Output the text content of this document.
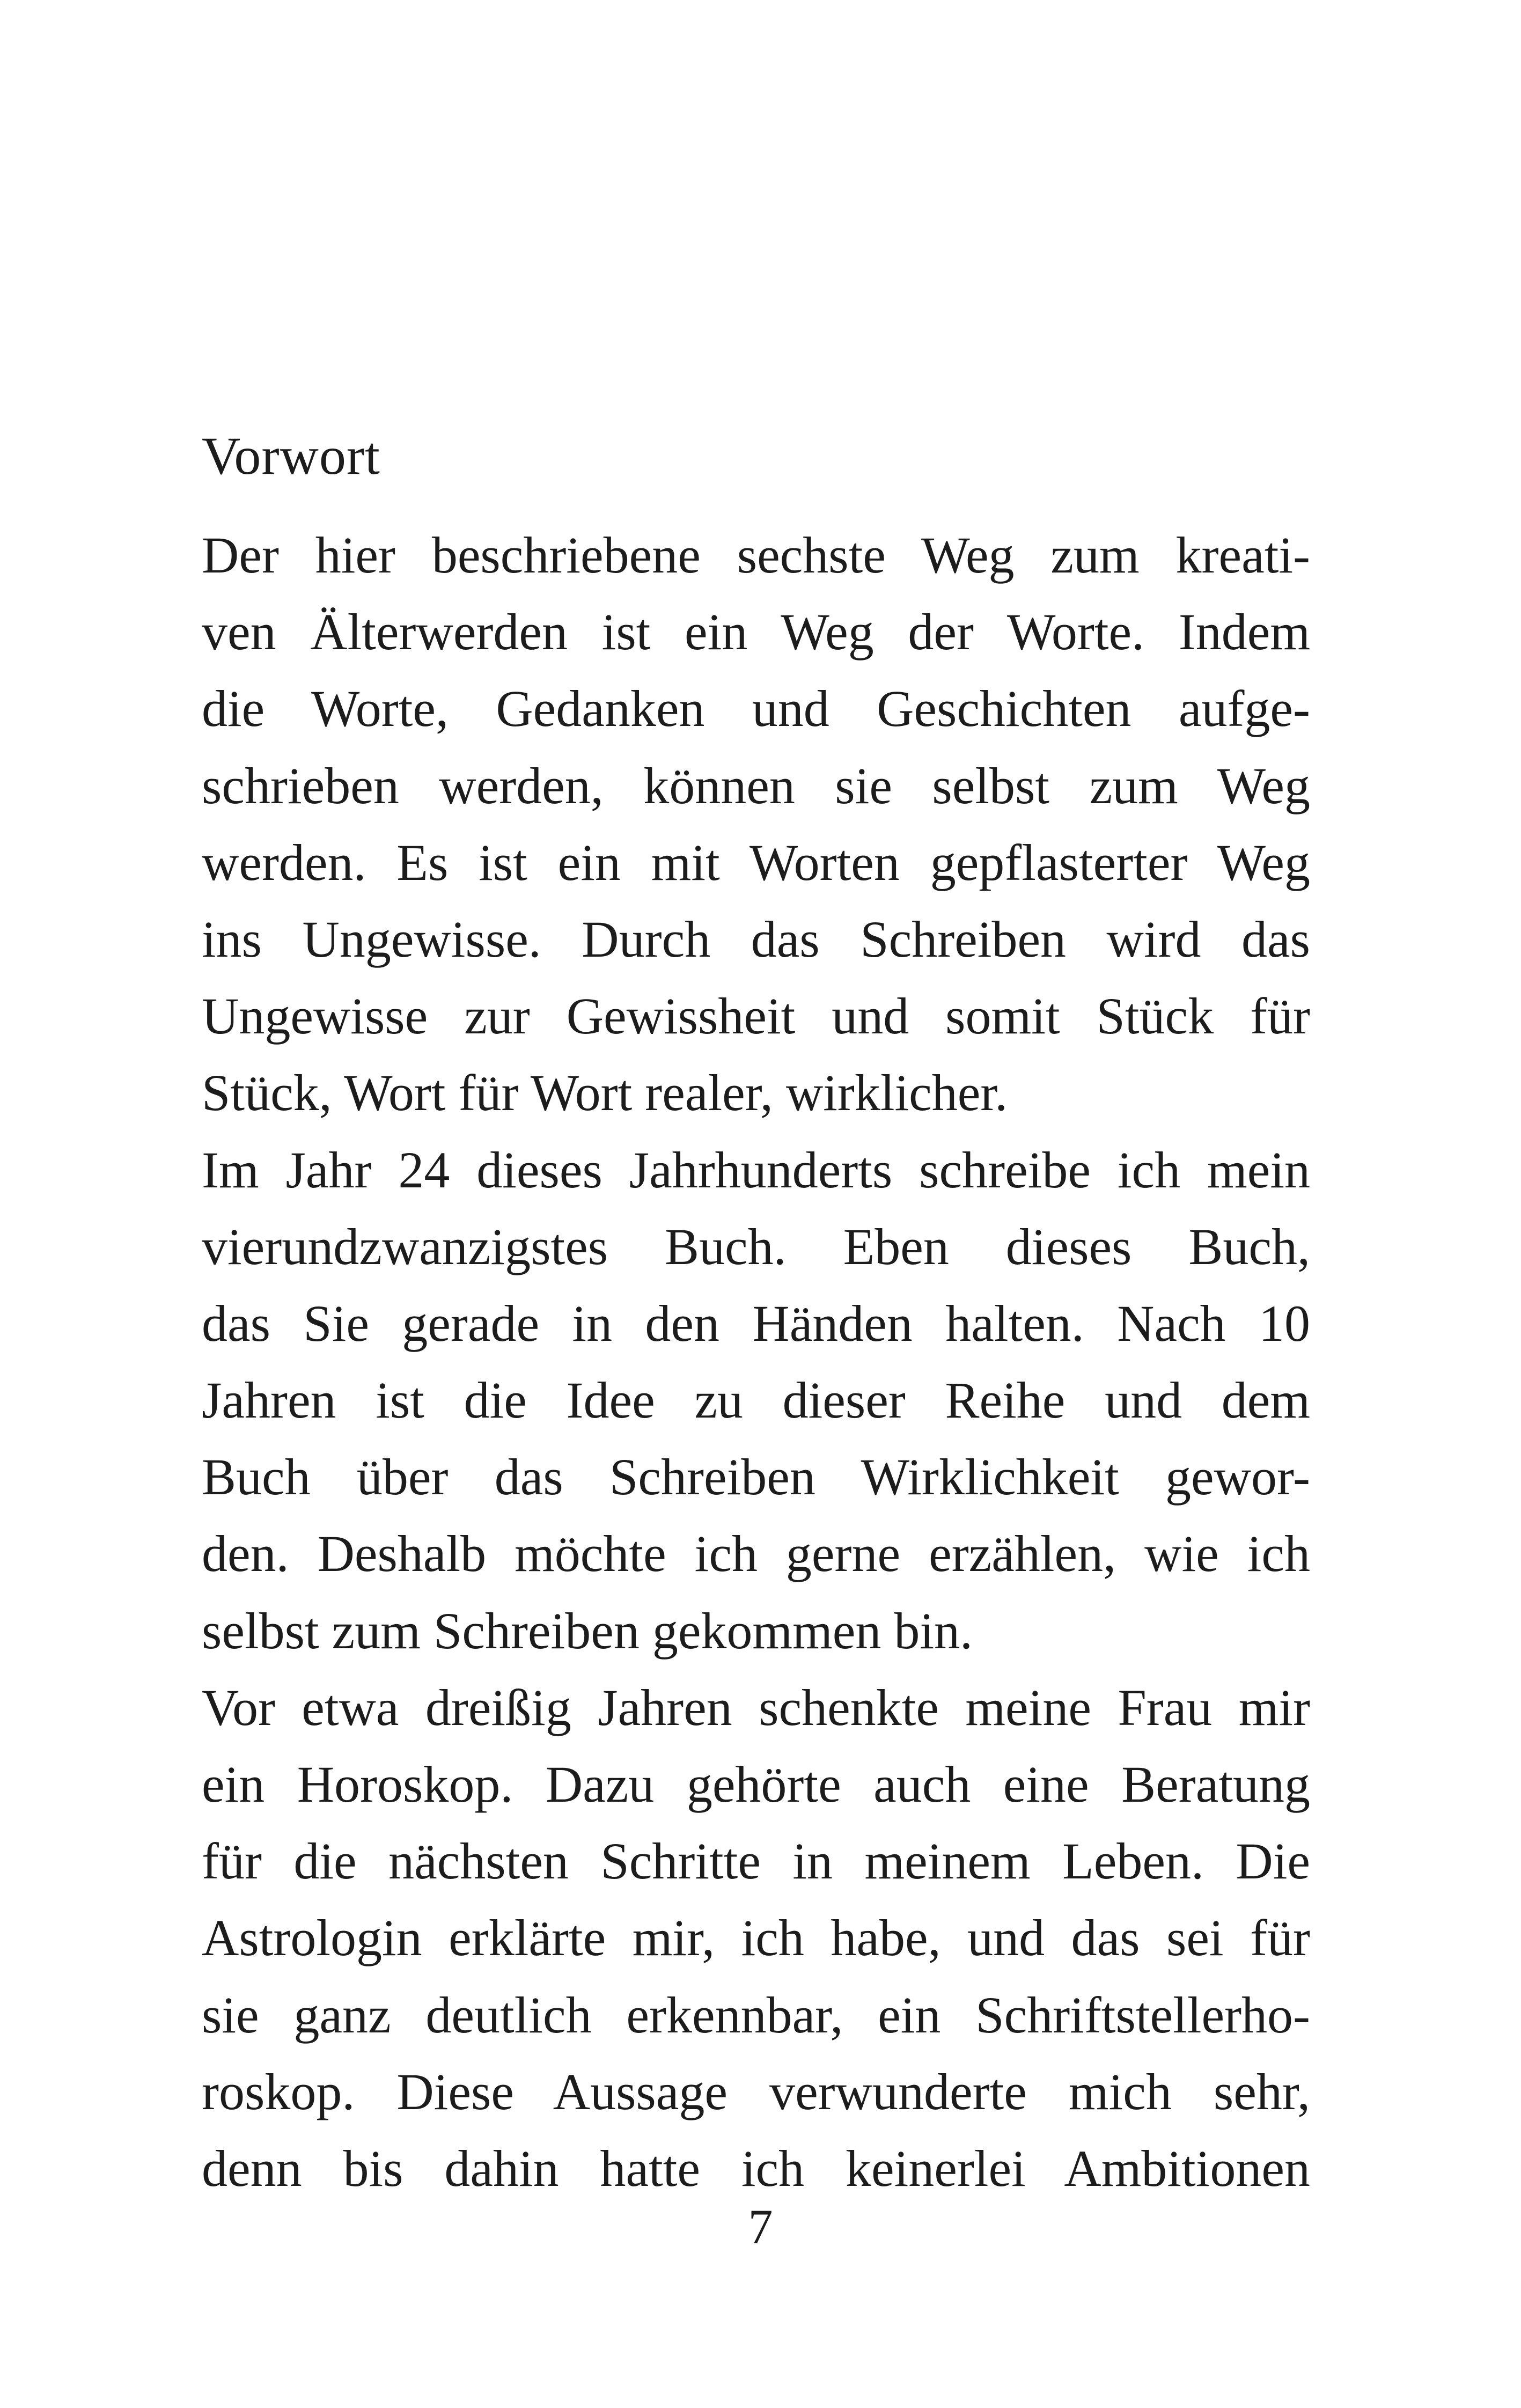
Vorwort
Der hier beschriebene sechste Weg zum kreati-
ven Älterwerden ist ein Weg der Worte. Indem
die Worte, Gedanken und Geschichten aufge-
schrieben werden, können sie selbst zum Weg
werden. Es ist ein mit Worten gepflasterter Weg
ins Ungewisse. Durch das Schreiben wird das
Ungewisse zur Gewissheit und somit Stück für
Stück, Wort für Wort realer, wirklicher.
Im Jahr 24 dieses Jahrhunderts schreibe ich mein
vierundzwanzigstes Buch. Eben dieses Buch,
das Sie gerade in den Händen halten. Nach 10
Jahren ist die Idee zu dieser Reihe und dem
Buch über das Schreiben Wirklichkeit gewor-
den. Deshalb möchte ich gerne erzählen, wie ich
selbst zum Schreiben gekommen bin.
Vor etwa dreißig Jahren schenkte meine Frau mir
ein Horoskop. Dazu gehörte auch eine Beratung
für die nächsten Schritte in meinem Leben. Die
Astrologin erklärte mir, ich habe, und das sei für
sie ganz deutlich erkennbar, ein Schriftstellerho-
roskop. Diese Aussage verwunderte mich sehr,
denn bis dahin hatte ich keinerlei Ambitionen
7
